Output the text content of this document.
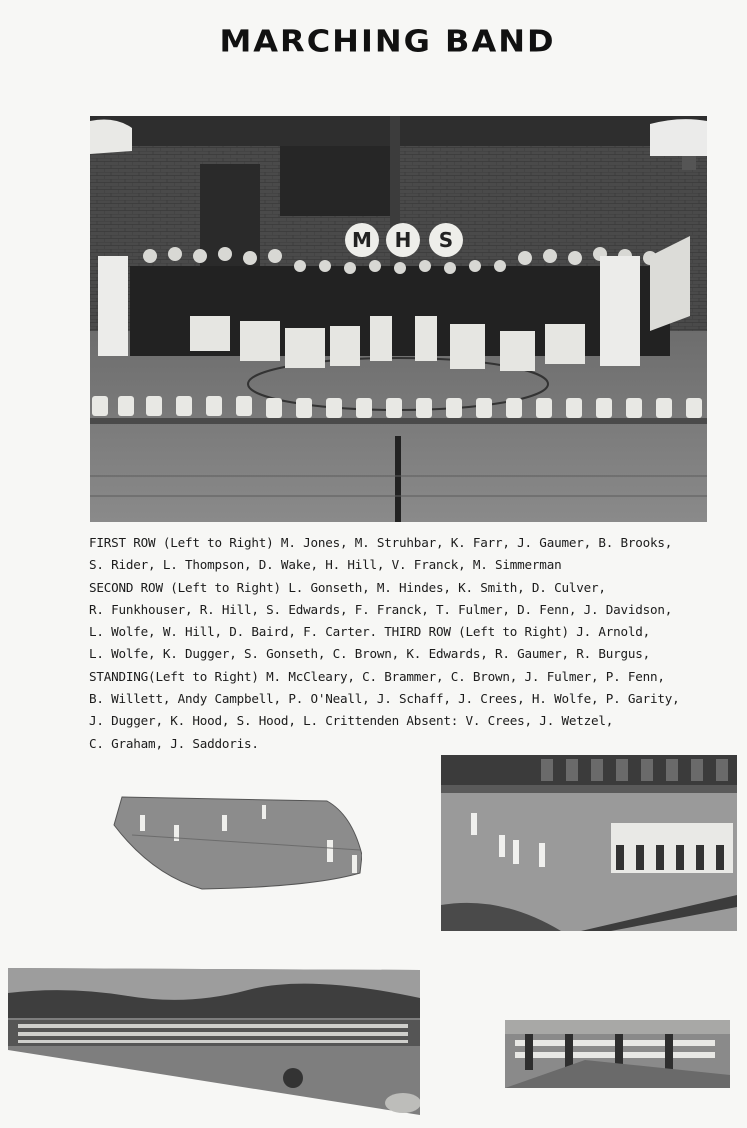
MARCHING BAND
M H S
FIRST ROW (Left to Right) M. Jones, M. Struhbar, K. Farr, J. Gaumer, B. Brooks,
S. Rider, L. Thompson, D. Wake, H. Hill, V. Franck, M. Simmerman
SECOND ROW (Left to Right) L. Gonseth, M. Hindes, K. Smith, D. Culver,
R. Funkhouser, R. Hill, S. Edwards, F. Franck, T. Fulmer, D. Fenn, J. Davidson,
L. Wolfe, W. Hill, D. Baird, F. Carter. THIRD ROW (Left to Right) J. Arnold,
L. Wolfe, K. Dugger, S. Gonseth, C. Brown, K. Edwards, R. Gaumer, R. Burgus,
STANDING(Left to Right) M. McCleary, C. Brammer, C. Brown, J. Fulmer, P. Fenn,
B. Willett, Andy Campbell, P. O'Neall, J. Schaff, J. Crees, H. Wolfe, P. Garity,
J. Dugger, K. Hood, S. Hood, L. Crittenden Absent: V. Crees, J. Wetzel,
C. Graham, J. Saddoris.
